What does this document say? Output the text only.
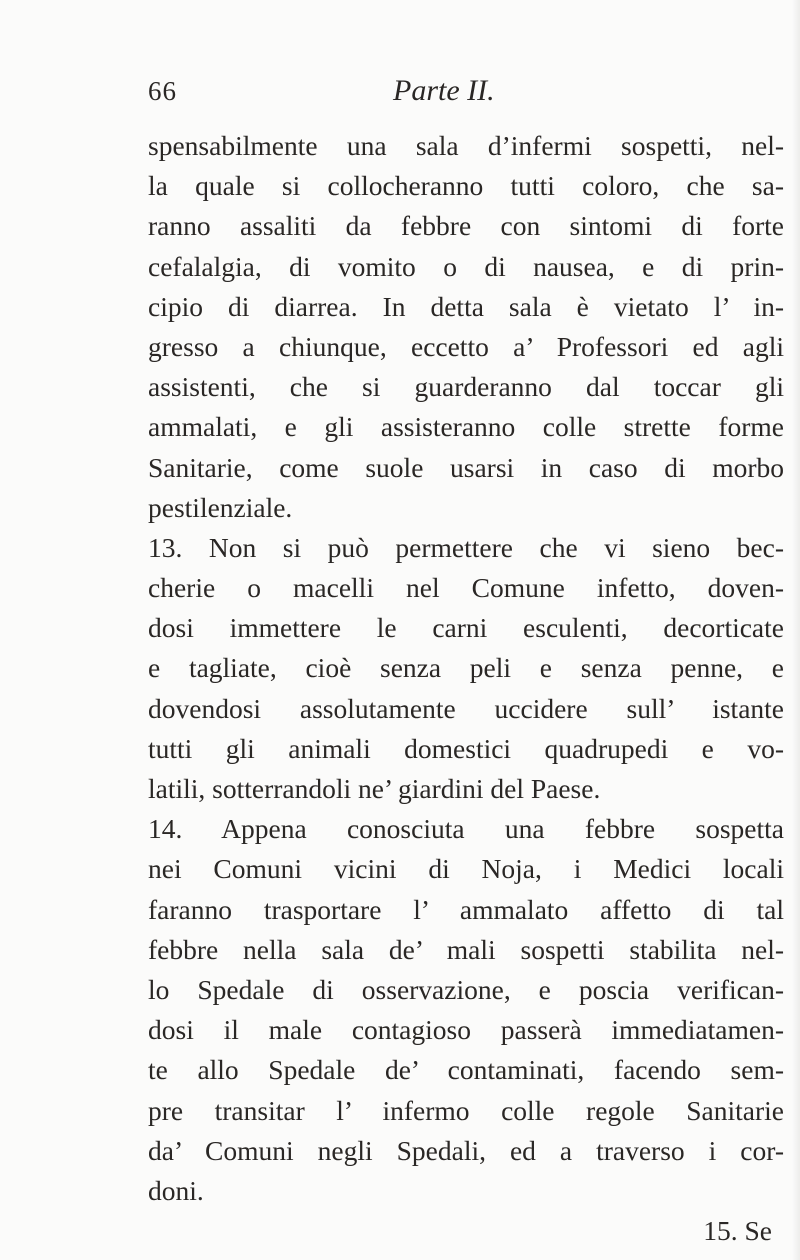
66	Parte II.
spensabilmente una sala d’infermi sospetti, nel-
la quale si collocheranno tutti coloro, che sa-
ranno assaliti da febbre con sintomi di forte
cefalalgia, di vomito o di nausea, e di prin-
cipio di diarrea. In detta sala è vietato l’ in-
gresso a chiunque, eccetto a’ Professori ed agli
assistenti, che si guarderanno dal toccar gli
ammalati, e gli assisteranno colle strette forme
Sanitarie, come suole usarsi in caso di morbo
pestilenziale.
13. Non si può permettere che vi sieno bec-
cherie o macelli nel Comune infetto, doven-
dosi immettere le carni esculenti, decorticate
e tagliate, cioè senza peli e senza penne, e
dovendosi assolutamente uccidere sull’ istante
tutti gli animali domestici quadrupedi e vo-
latili, sotterrandoli ne’ giardini del Paese.
14. Appena conosciuta una febbre sospetta
nei Comuni vicini di Noja, i Medici locali
faranno trasportare l’ ammalato affetto di tal
febbre nella sala de’ mali sospetti stabilita nel-
lo Spedale di osservazione, e poscia verifican-
dosi il male contagioso passerà immediatamen-
te allo Spedale de’ contaminati, facendo sem-
pre transitar l’ infermo colle regole Sanitarie
da’ Comuni negli Spedali, ed a traverso i cor-
doni.
15. Se
